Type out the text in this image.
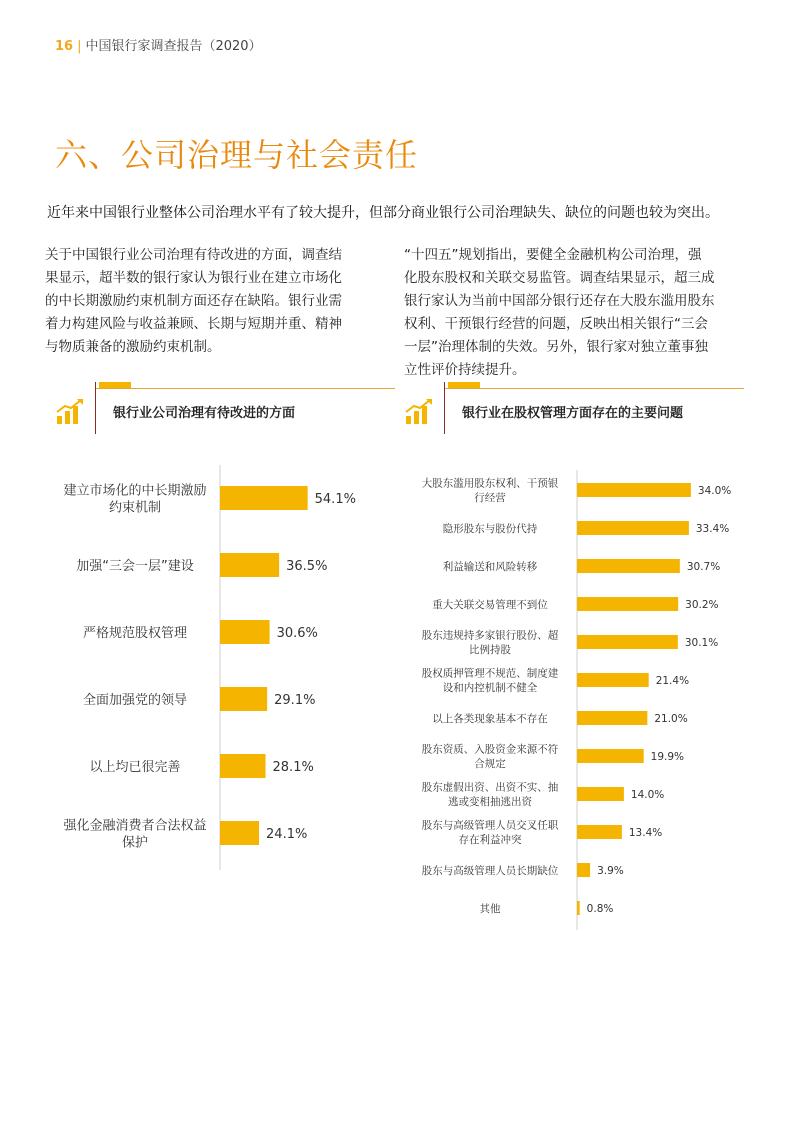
16 | 中国银行家调查报告（2020）
六、公司治理与社会责任
近年来中国银行业整体公司治理水平有了较大提升，但部分商业银行公司治理缺失、缺位的问题也较为突出。
关于中国银行业公司治理有待改进的方面，调查结
果显示，超半数的银行家认为银行业在建立市场化
的中长期激励约束机制方面还存在缺陷。银行业需
着力构建风险与收益兼顾、长期与短期并重、精神
与物质兼备的激励约束机制。
“十四五”规划指出，要健全金融机构公司治理，强
化股东股权和关联交易监管。调查结果显示，超三成
银行家认为当前中国部分银行还存在大股东滥用股东
权利、干预银行经营的问题，反映出相关银行“三会
一层”治理体制的失效。另外，银行家对独立董事独
立性评价持续提升。
银行业公司治理有待改进的方面	银行业在股权管理方面存在的主要问题
54.1%
建立市场化的中长期激励
约束机制
36.5%
加强“三会一层”建设
30.6%
严格规范股权管理
29.1%
全面加强党的领导
28.1%
以上均已很完善
24.1%
强化金融消费者合法权益
保护
34.0%
大股东滥用股东权利、干预银
行经营
33.4%
隐形股东与股份代持
30.7%
利益输送和风险转移
30.2%
重大关联交易管理不到位
30.1%
股东违规持多家银行股份、超
比例持股
21.4%
股权质押管理不规范、制度建
设和内控机制不健全
21.0%
以上各类现象基本不存在
19.9%
股东资质、入股资金来源不符
合规定
14.0%
股东虚假出资、出资不实、抽
逃或变相抽逃出资
13.4%
股东与高级管理人员交叉任职
存在利益冲突
3.9%
股东与高级管理人员长期缺位
0.8%
其他
